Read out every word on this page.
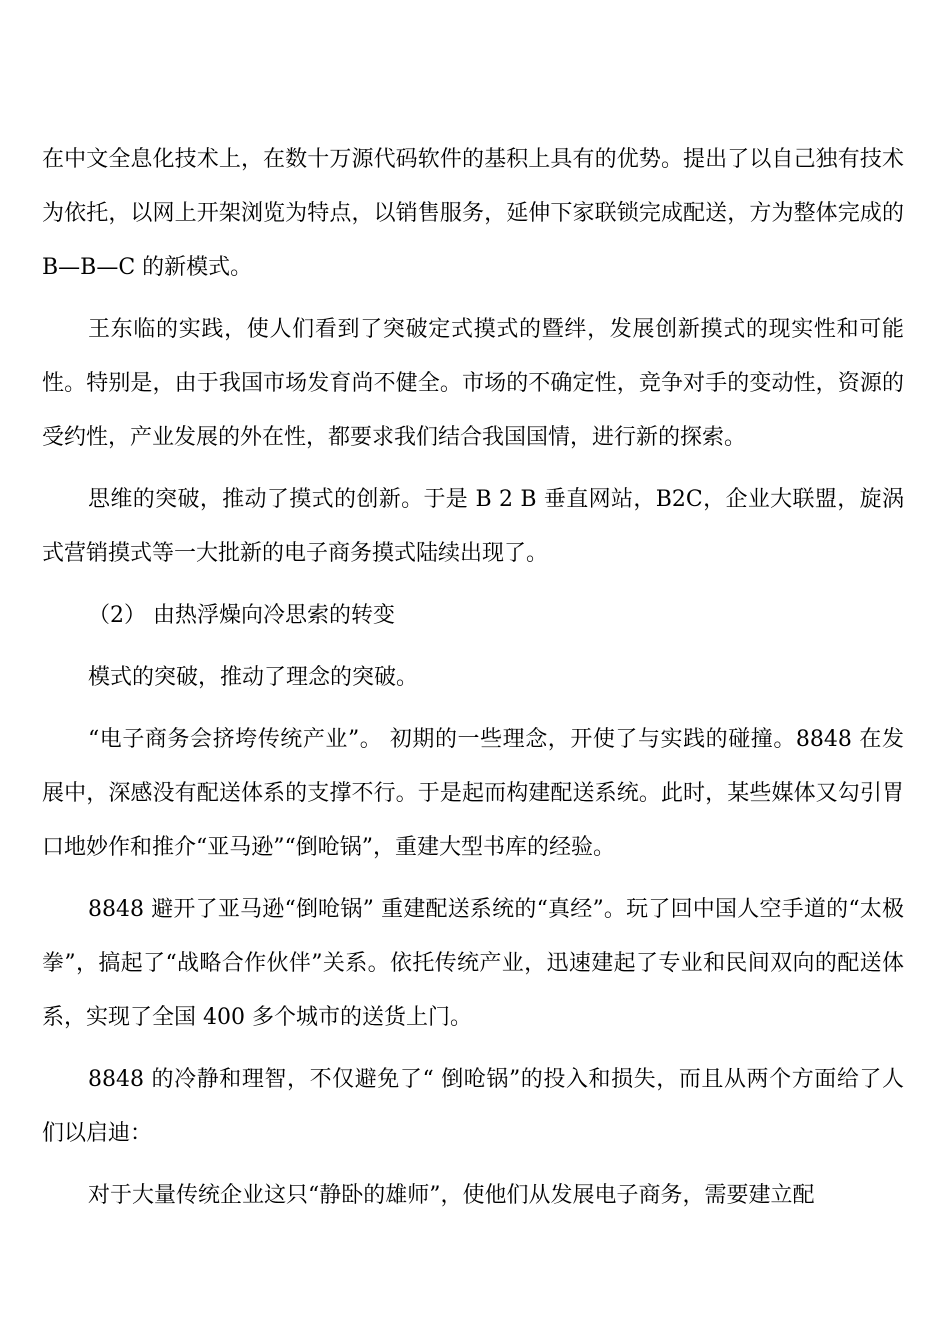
在中文全息化技术上，在数十万源代码软件的基积上具有的优势。提出了以自己独有技术为依托，以网上开架浏览为特点，以销售服务，延伸下家联锁完成配送，方为整体完成的B—B—C 的新模式。

王东临的实践，使人们看到了突破定式摸式的暨绊，发展创新摸式的现实性和可能性。特别是，由于我国市场发育尚不健全。市场的不确定性，竞争对手的变动性，资源的受约性，产业发展的外在性，都要求我们结合我国国情，进行新的探索。

思维的突破，推动了摸式的创新。于是 B 2 B 垂直网站，B2C，企业大联盟，旋涡式营销摸式等一大批新的电子商务摸式陆续出现了。

（2） 由热浮燥向冷思索的转变

模式的突破，推动了理念的突破。

“电子商务会挤垮传统产业”。 初期的一些理念，开使了与实践的碰撞。8848 在发展中，深感没有配送体系的支撑不行。于是起而构建配送系统。此时，某些媒体又勾引胃口地妙作和推介“亚马逊”“倒呛锅”，重建大型书库的经验。

8848 避开了亚马逊“倒呛锅” 重建配送系统的“真经”。玩了回中国人空手道的“太极拳”，搞起了“战略合作伙伴”关系。依托传统产业，迅速建起了专业和民间双向的配送体系，实现了全国 400 多个城市的送货上门。

8848 的冷静和理智，不仅避免了“ 倒呛锅”的投入和损失，而且从两个方面给了人们以启迪：

对于大量传统企业这只“静卧的雄师”，使他们从发展电子商务，需要建立配
